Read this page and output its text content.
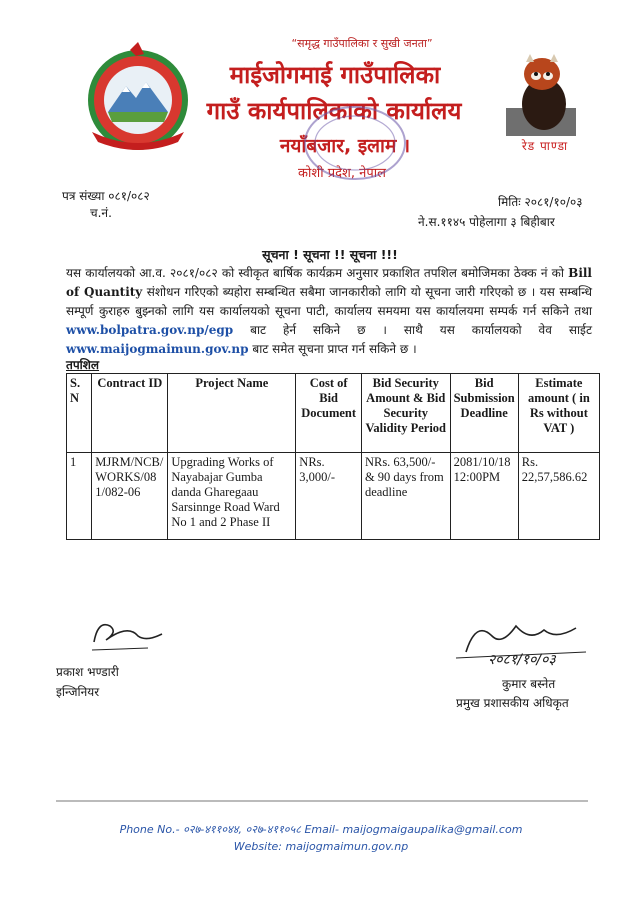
रेड पाण्डा
“समृद्ध गाउँपालिका र सुखी जनता”
माईजोगमाई गाउँपालिका
गाउँ कार्यपालिकाको कार्यालय
नयाँबजार, इलाम ।
कोशी प्रदेश, नेपाल
पत्र संख्या ०८१/०८२
च.नं.
मितिः २०८१/१०/०३
ने.स.११४५ पोहेलागा ३ बिहीबार
सूचना ! सूचना !! सूचना !!!
यस कार्यालयको आ.व. २०८१/०८२ को स्वीकृत बार्षिक कार्यक्रम अनुसार प्रकाशित तपशिल बमोजिमका ठेक्क नं को Bill of Quantity संशोधन गरिएको ब्यहोरा सम्बन्धित सबैमा जानकारीको लागि यो सूचना जारी गरिएको छ । यस सम्बन्धि सम्पूर्ण कुराहरु बुझ्नको लागि यस कार्यालयको सूचना पाटी, कार्यालय समयमा यस कार्यालयमा सम्पर्क गर्न सकिने तथा www.bolpatra.gov.np/egp बाट हेर्न सकिने छ । साथै यस कार्यालयको वेव साईट www.maijogmaimun.gov.np बाट समेत सूचना प्राप्त गर्न सकिने छ ।
तपशिल
S. N	Contract ID	Project Name	Cost of Bid Document	Bid Security Amount & Bid Security Validity Period	Bid Submission Deadline	Estimate amount ( in Rs without VAT )
1	MJRM/NCB/WORKS/081/082-06	Upgrading Works of Nayabajar Gumba danda Gharegaau Sarsinnge Road Ward No 1 and 2 Phase II	NRs. 3,000/-	NRs. 63,500/- & 90 days from deadline	2081/10/18 12:00PM	Rs. 22,57,586.62
प्रकाश भण्डारी
इन्जिनियर
२०८१/१०/०३
कुमार बस्नेत
प्रमुख प्रशासकीय अधिकृत
Phone No.- ०२७-४११०४४, ०२७-४११०५८ Email- maijogmaigaupalika@gmail.com
Website: maijogmaimun.gov.np
